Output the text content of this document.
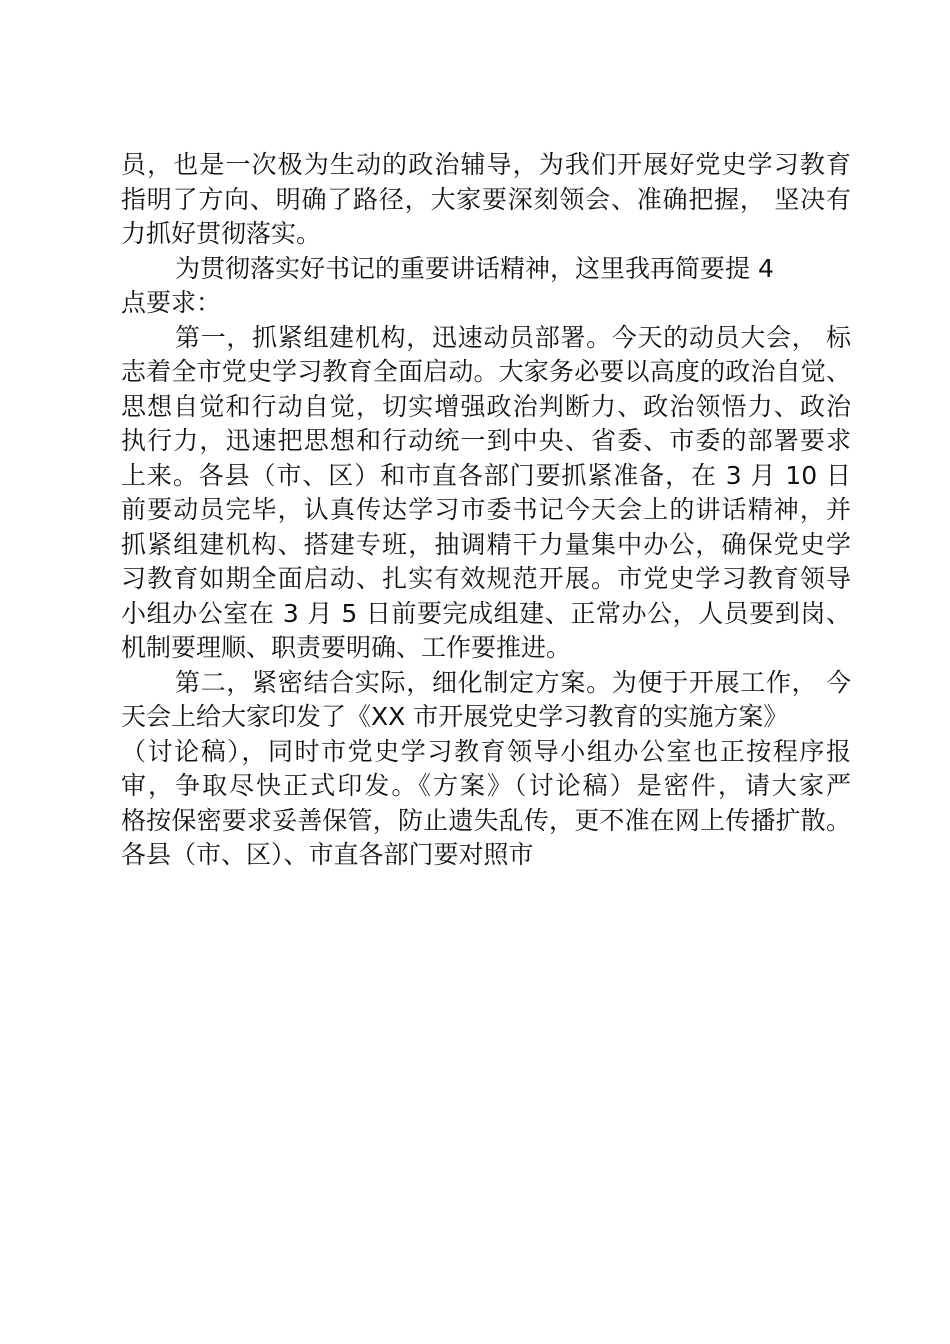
员，也是一次极为生动的政治辅导，为我们开展好党史学习教育
指明了方向、明确了路径，大家要深刻领会、准确把握， 坚决有
力抓好贯彻落实。
为贯彻落实好书记的重要讲话精神，这里我再简要提 4
点要求：
第一，抓紧组建机构，迅速动员部署。今天的动员大会， 标
志着全市党史学习教育全面启动。大家务必要以高度的政治自觉、
思想自觉和行动自觉，切实增强政治判断力、政治领悟力、政治
执行力，迅速把思想和行动统一到中央、省委、市委的部署要求
上来。各县（市、区）和市直各部门要抓紧准备，在 3 月 10 日
前要动员完毕，认真传达学习市委书记今天会上的讲话精神，并
抓紧组建机构、搭建专班，抽调精干力量集中办公，确保党史学
习教育如期全面启动、扎实有效规范开展。市党史学习教育领导
小组办公室在 3 月 5 日前要完成组建、正常办公，人员要到岗、
机制要理顺、职责要明确、工作要推进。
第二，紧密结合实际，细化制定方案。为便于开展工作， 今
天会上给大家印发了《XX 市开展党史学习教育的实施方案》
（讨论稿），同时市党史学习教育领导小组办公室也正按程序报
审，争取尽快正式印发。《方案》（讨论稿）是密件，请大家严
格按保密要求妥善保管，防止遗失乱传，更不准在网上传播扩散。
各县（市、区）、市直各部门要对照市
